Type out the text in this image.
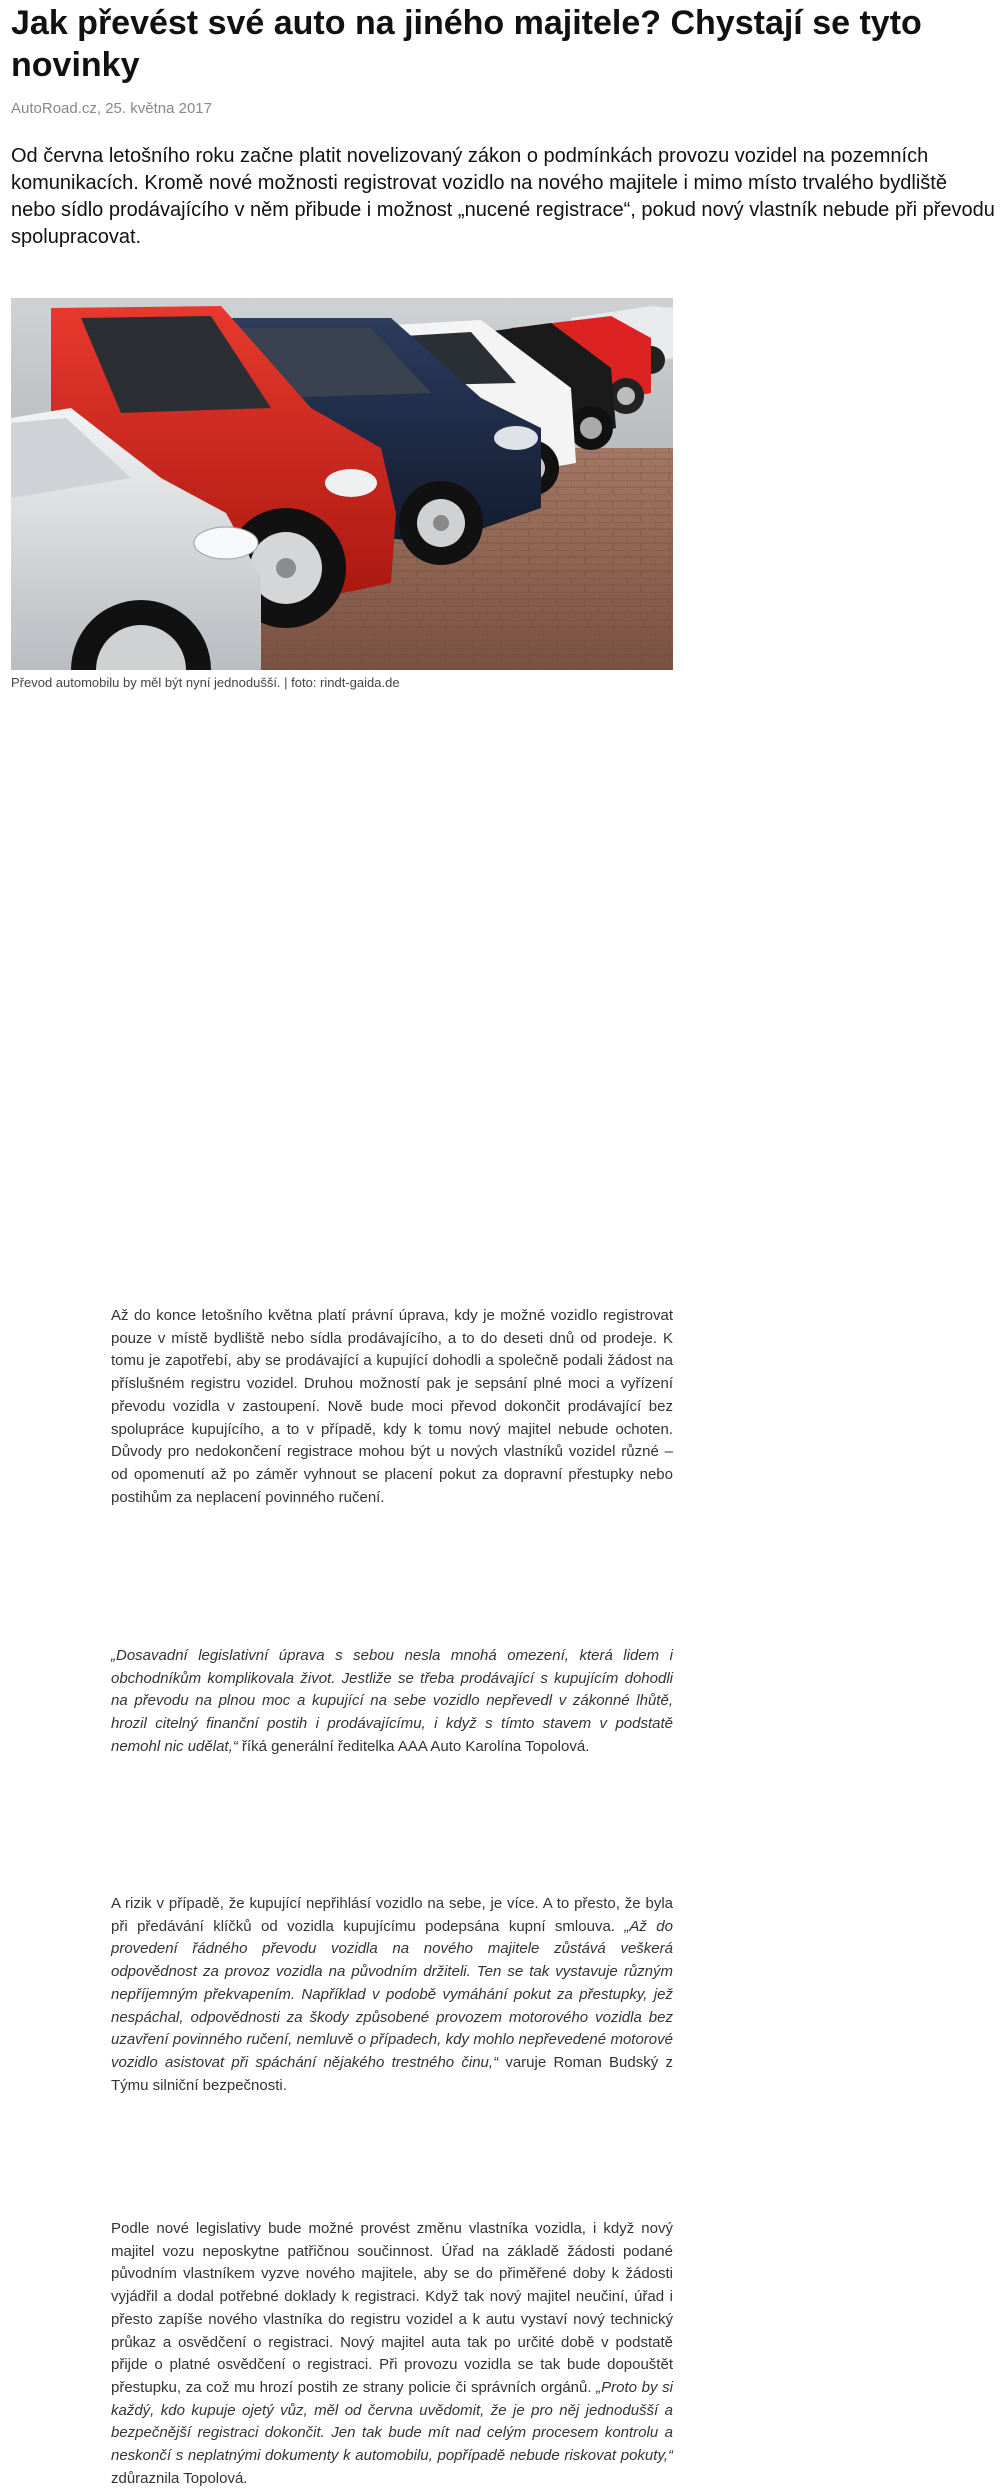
Jak převést své auto na jiného majitele? Chystají se tyto novinky
AutoRoad.cz, 25. května 2017

Od června letošního roku začne platit novelizovaný zákon o podmínkách provozu vozidel na pozemních komunikacích. Kromě nové možnosti registrovat vozidlo na nového majitele i mimo místo trvalého bydliště nebo sídlo prodávajícího v něm přibude i možnost „nucené registrace“, pokud nový vlastník nebude při převodu spolupracovat.

Převod automobilu by měl být nyní jednodušší. | foto: rindt-gaida.de

Až do konce letošního května platí právní úprava, kdy je možné vozidlo registrovat pouze v místě bydliště nebo sídla prodávajícího, a to do deseti dnů od prodeje. K tomu je zapotřebí, aby se prodávající a kupující dohodli a společně podali žádost na příslušném registru vozidel. Druhou možností pak je sepsání plné moci a vyřízení převodu vozidla v zastoupení. Nově bude moci převod dokončit prodávající bez spolupráce kupujícího, a to v případě, kdy k tomu nový majitel nebude ochoten. Důvody pro nedokončení registrace mohou být u nových vlastníků vozidel různé – od opomenutí až po záměr vyhnout se placení pokut za dopravní přestupky nebo postihům za neplacení povinného ručení.

„Dosavadní legislativní úprava s sebou nesla mnohá omezení, která lidem i obchodníkům komplikovala život. Jestliže se třeba prodávající s kupujícím dohodli na převodu na plnou moc a kupující na sebe vozidlo nepřevedl v zákonné lhůtě, hrozil citelný finanční postih i prodávajícímu, i když s tímto stavem v podstatě nemohl nic udělat,“ říká generální ředitelka AAA Auto Karolína Topolová.

A rizik v případě, že kupující nepřihlásí vozidlo na sebe, je více. A to přesto, že byla při předávání klíčků od vozidla kupujícímu podepsána kupní smlouva. „Až do provedení řádného převodu vozidla na nového majitele zůstává veškerá odpovědnost za provoz vozidla na původním držiteli. Ten se tak vystavuje různým nepříjemným překvapením. Například v podobě vymáhání pokut za přestupky, jež nespáchal, odpovědnosti za škody způsobené provozem motorového vozidla bez uzavření povinného ručení, nemluvě o případech, kdy mohlo nepřevedené motorové vozidlo asistovat při spáchání nějakého trestného činu,“ varuje Roman Budský z Týmu silniční bezpečnosti.

Podle nové legislativy bude možné provést změnu vlastníka vozidla, i když nový majitel vozu neposkytne patřičnou součinnost. Úřad na základě žádosti podané původním vlastníkem vyzve nového majitele, aby se do přiměřené doby k žádosti vyjádřil a dodal potřebné doklady k registraci. Když tak nový majitel neučiní, úřad i přesto zapíše nového vlastníka do registru vozidel a k autu vystaví nový technický průkaz a osvědčení o registraci. Nový majitel auta tak po určité době v podstatě přijde o platné osvědčení o registraci. Při provozu vozidla se tak bude dopouštět přestupku, za což mu hrozí postih ze strany policie či správních orgánů. „Proto by si každý, kdo kupuje ojetý vůz, měl od června uvědomit, že je pro něj jednodušší a bezpečnější registraci dokončit. Jen tak bude mít nad celým procesem kontrolu a neskončí s neplatnými dokumenty k automobilu, popřípadě nebude riskovat pokuty,“ zdůraznila Topolová.
